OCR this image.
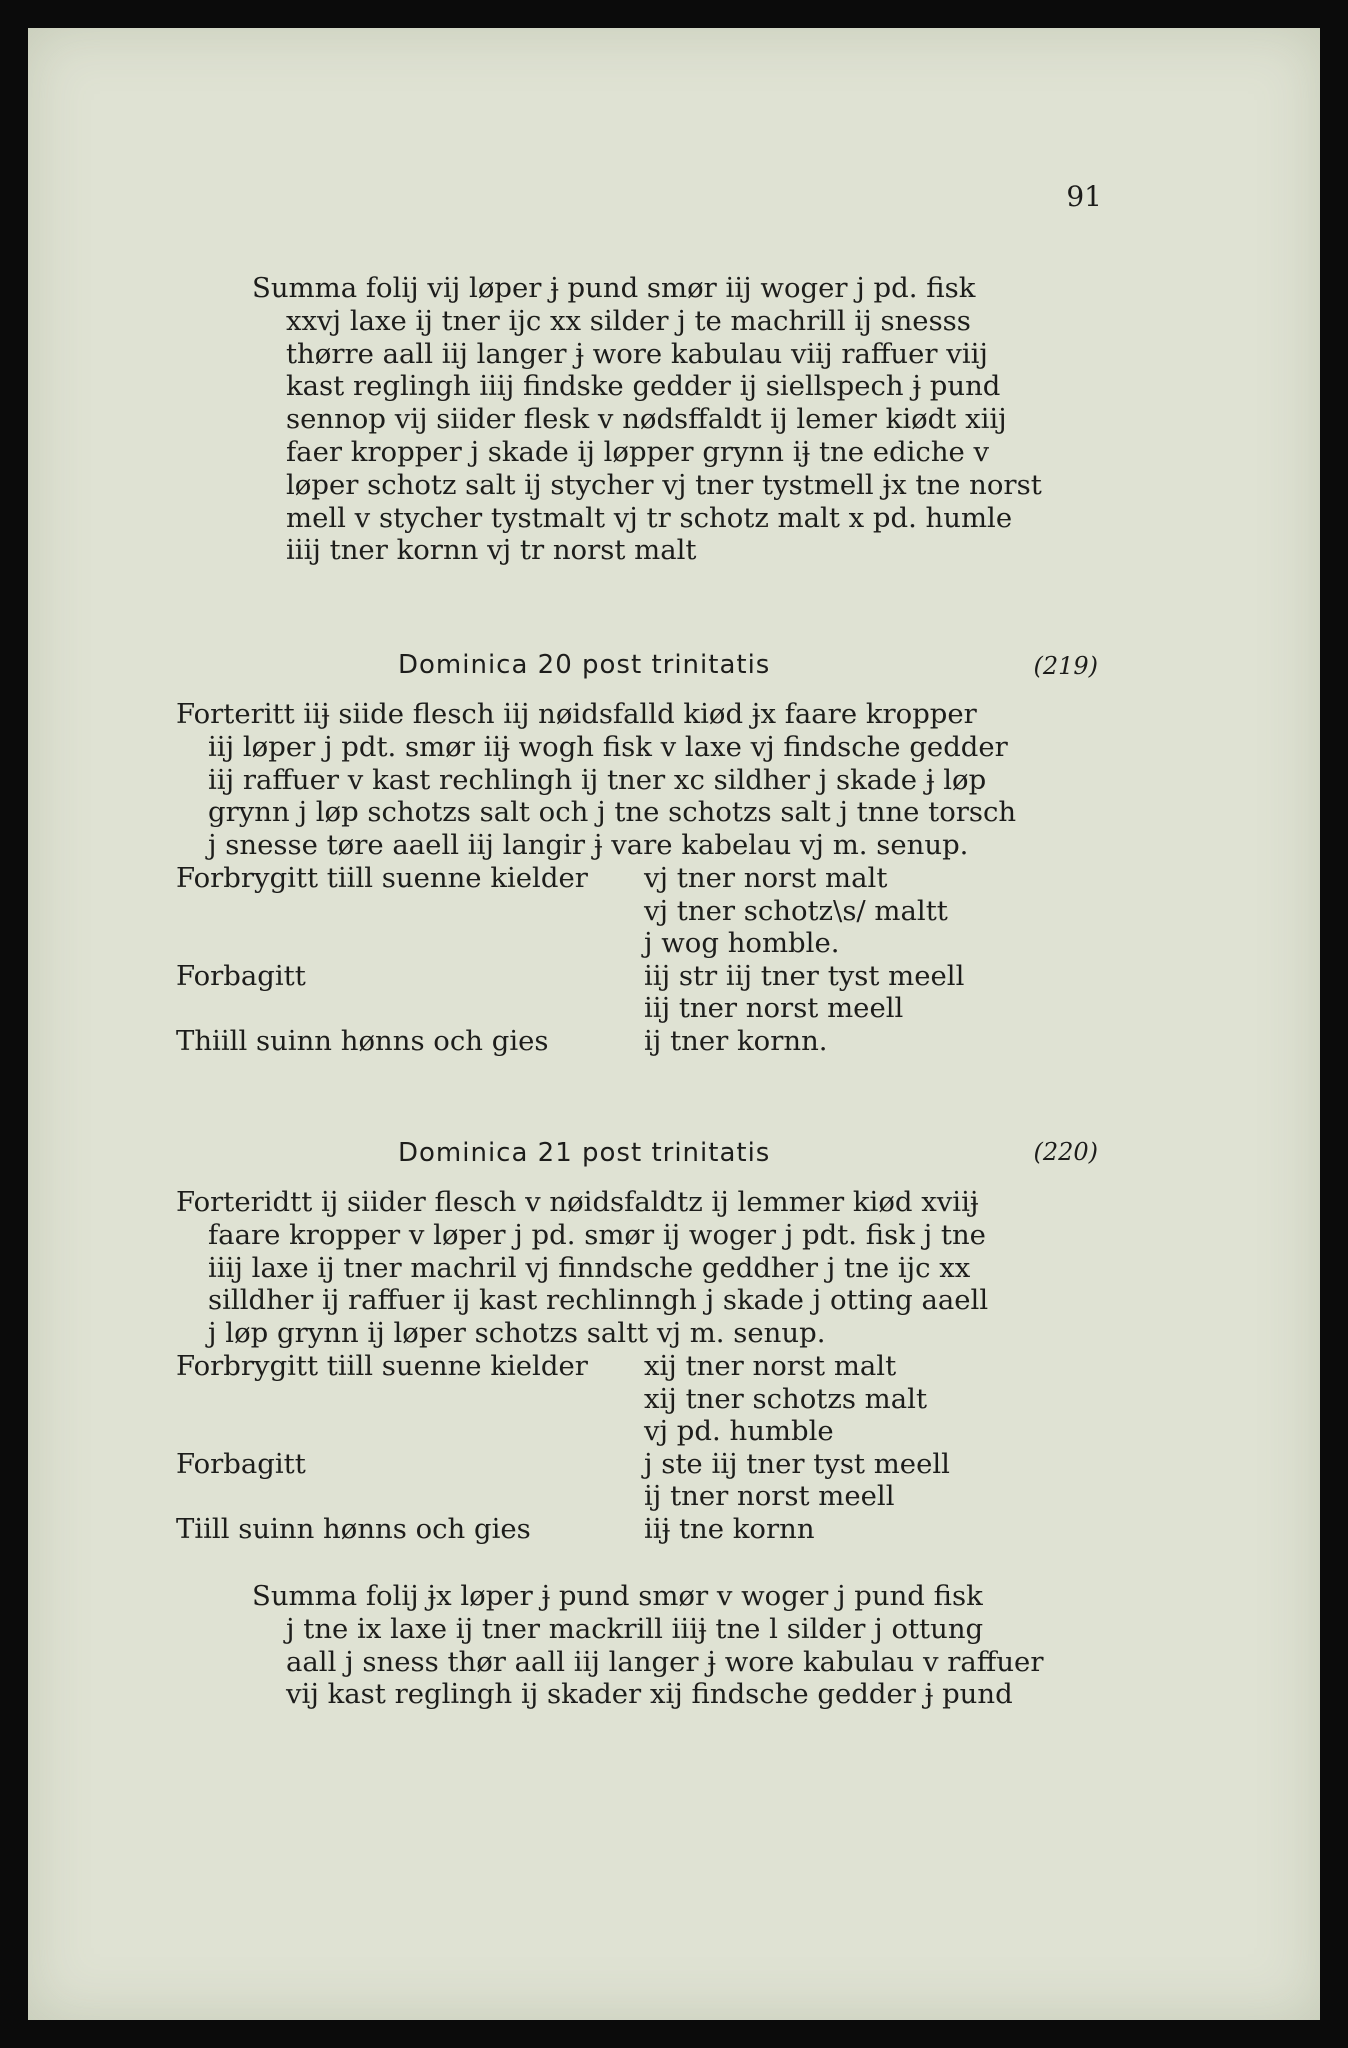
91
Summa folij vij løper ɉ pund smør iij woger j pd. fisk
xxvj laxe ij tner ijc xx silder j te machrill ij snesss
thørre aall iij langer ɉ wore kabulau viij raffuer viij
kast reglingh iiij findske gedder ij siellspech ɉ pund
sennop vij siider flesk v nødsffaldt ij lemer kiødt xiij
faer kropper j skade ij løpper grynn iɉ tne ediche v
løper schotz salt ij stycher vj tner tystmell ɉx tne norst
mell v stycher tystmalt vj tr schotz malt x pd. humle
iiij tner kornn vj tr norst malt
Dominica 20 post trinitatis	(219)
Forteritt iiɉ siide flesch iij nøidsfalld kiød ɉx faare kropper
iij løper j pdt. smør iiɉ wogh fisk v laxe vj findsche gedder
iij raffuer v kast rechlingh ij tner xc sildher j skade ɉ løp
grynn j løp schotzs salt och j tne schotzs salt j tnne torsch
j snesse tøre aaell iij langir ɉ vare kabelau vj m. senup.
Forbrygitt tiill suenne kielder	vj tner norst malt
vj tner schotz\s/ maltt
j wog homble.
Forbagitt	iij str iij tner tyst meell
iij tner norst meell
Thiill suinn hønns och gies	ij tner kornn.
Dominica 21 post trinitatis	(220)
Forteridtt ij siider flesch v nøidsfaldtz ij lemmer kiød xviiɉ
faare kropper v løper j pd. smør ij woger j pdt. fisk j tne
iiij laxe ij tner machril vj finndsche geddher j tne ijc xx
silldher ij raffuer ij kast rechlinngh j skade j otting aaell
j løp grynn ij løper schotzs saltt vj m. senup.
Forbrygitt tiill suenne kielder	xij tner norst malt
xij tner schotzs malt
vj pd. humble
Forbagitt	j ste iij tner tyst meell
ij tner norst meell
Tiill suinn hønns och gies	iiɉ tne kornn
Summa folij ɉx løper ɉ pund smør v woger j pund fisk
j tne ix laxe ij tner mackrill iiiɉ tne l silder j ottung
aall j sness thør aall iij langer ɉ wore kabulau v raffuer
vij kast reglingh ij skader xij findsche gedder ɉ pund
